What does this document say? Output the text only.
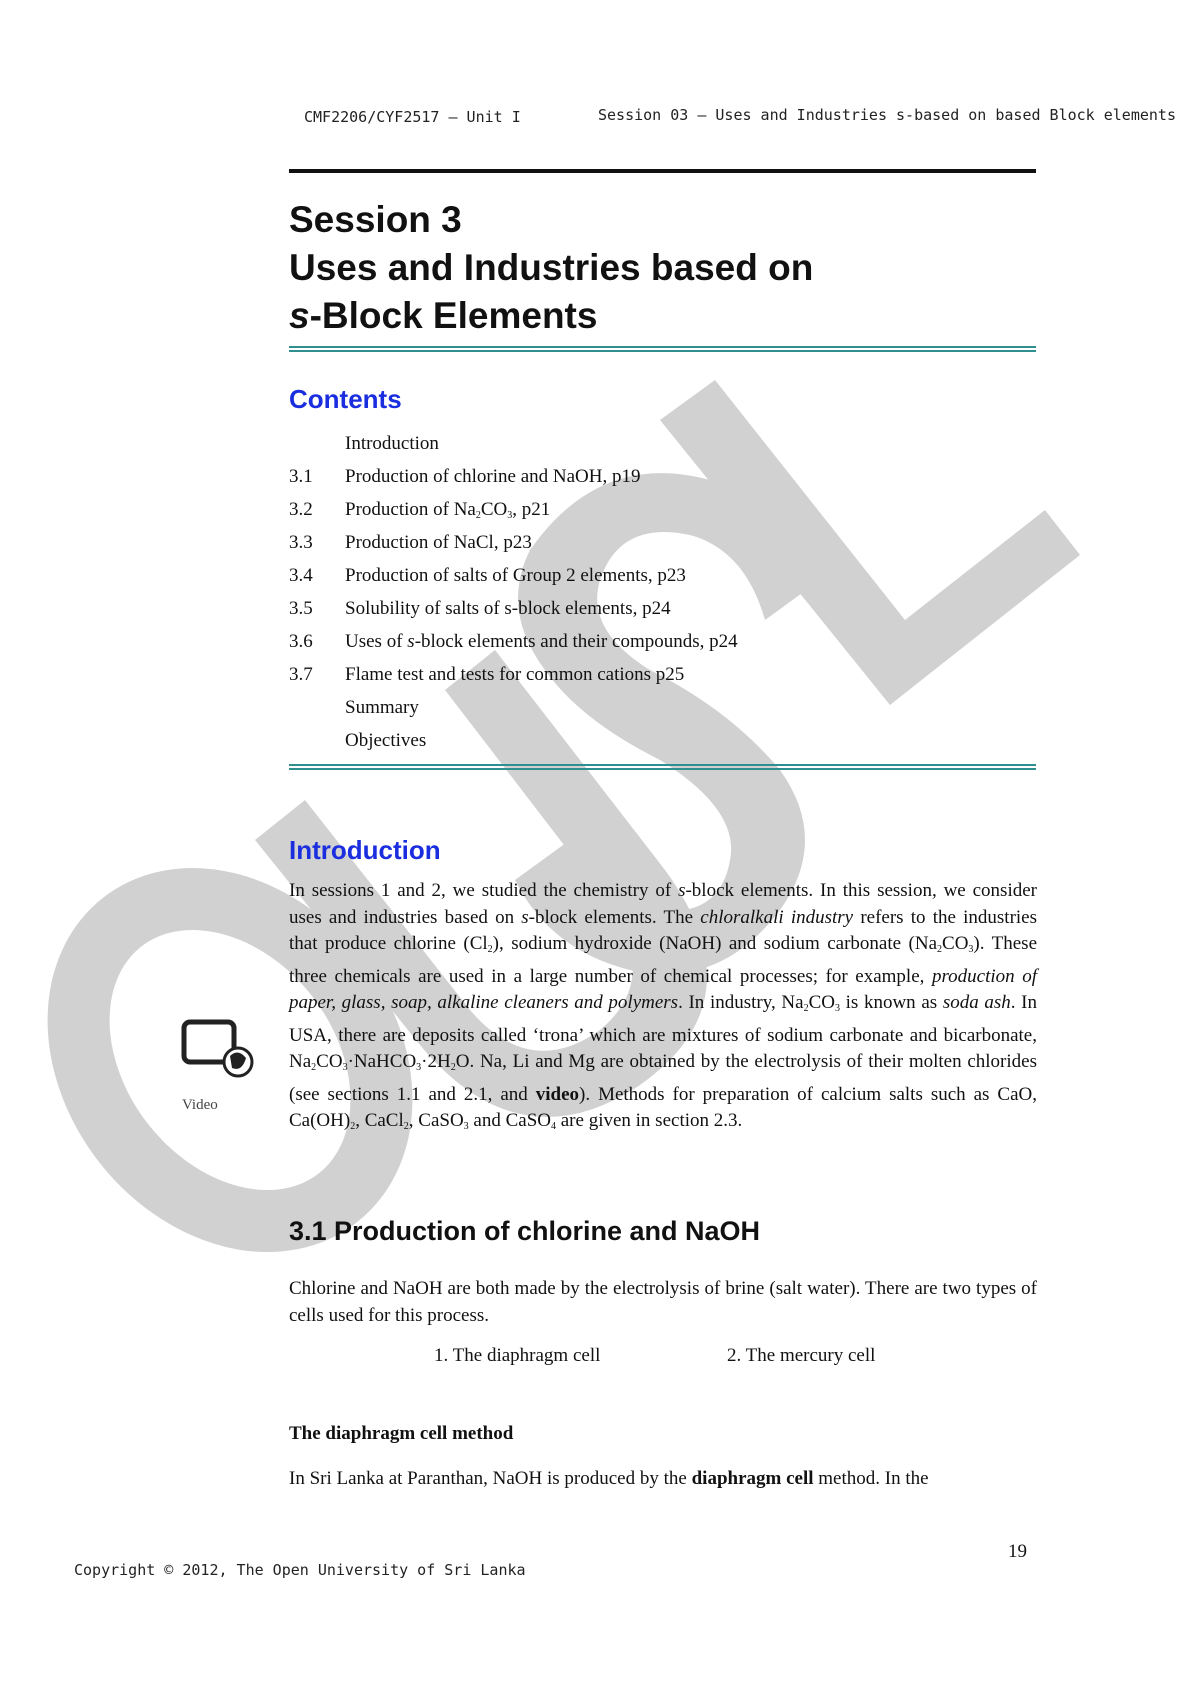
CMF2206/CYF2517 – Unit I	Session 03 – Uses and Industries s-based on based Block elements
Session 3
Uses and Industries based on
s-Block Elements
Contents
Introduction
3.1	Production of chlorine and NaOH, p19
3.2	Production of $Na_2CO_3$, p21
3.3	Production of NaCl, p23
3.4	Production of salts of Group 2 elements, p23
3.5	Solubility of salts of s-block elements, p24
3.6	Uses of s-block elements and their compounds, p24
3.7	Flame test and tests for common cations p25
Summary
Objectives
Introduction
Video
In sessions 1 and 2, we studied the chemistry of s-block elements. In this session, we consider uses and industries based on s-block elements. The chloralkali industry refers to the industries that produce chlorine $(Cl_2)$, sodium hydroxide (NaOH) and sodium carbonate $(Na_2CO_3)$. These three chemicals are used in a large number of chemical processes; for example, production of paper, glass, soap, alkaline cleaners and polymers. In industry, $Na_2CO_3$ is known as soda ash. In USA, there are deposits called ‘trona’ which are mixtures of sodium carbonate and bicarbonate, $Na_2CO_3\cdot NaHCO_3\cdot 2H_2O$. Na, Li and Mg are obtained by the electrolysis of their molten chlorides (see sections 1.1 and 2.1, and video). Methods for preparation of calcium salts such as CaO, $Ca(OH)_2$, CaCl$_2$, CaSO$_3$ and CaSO$_4$ are given in section 2.3.
3.1 Production of chlorine and NaOH
Chlorine and NaOH are both made by the electrolysis of brine (salt water). There are two types of cells used for this process.
1. The diaphragm cell	2. The mercury cell
The diaphragm cell method
In Sri Lanka at Paranthan, NaOH is produced by the diaphragm cell method. In the
19
Copyright © 2012, The Open University of Sri Lanka
